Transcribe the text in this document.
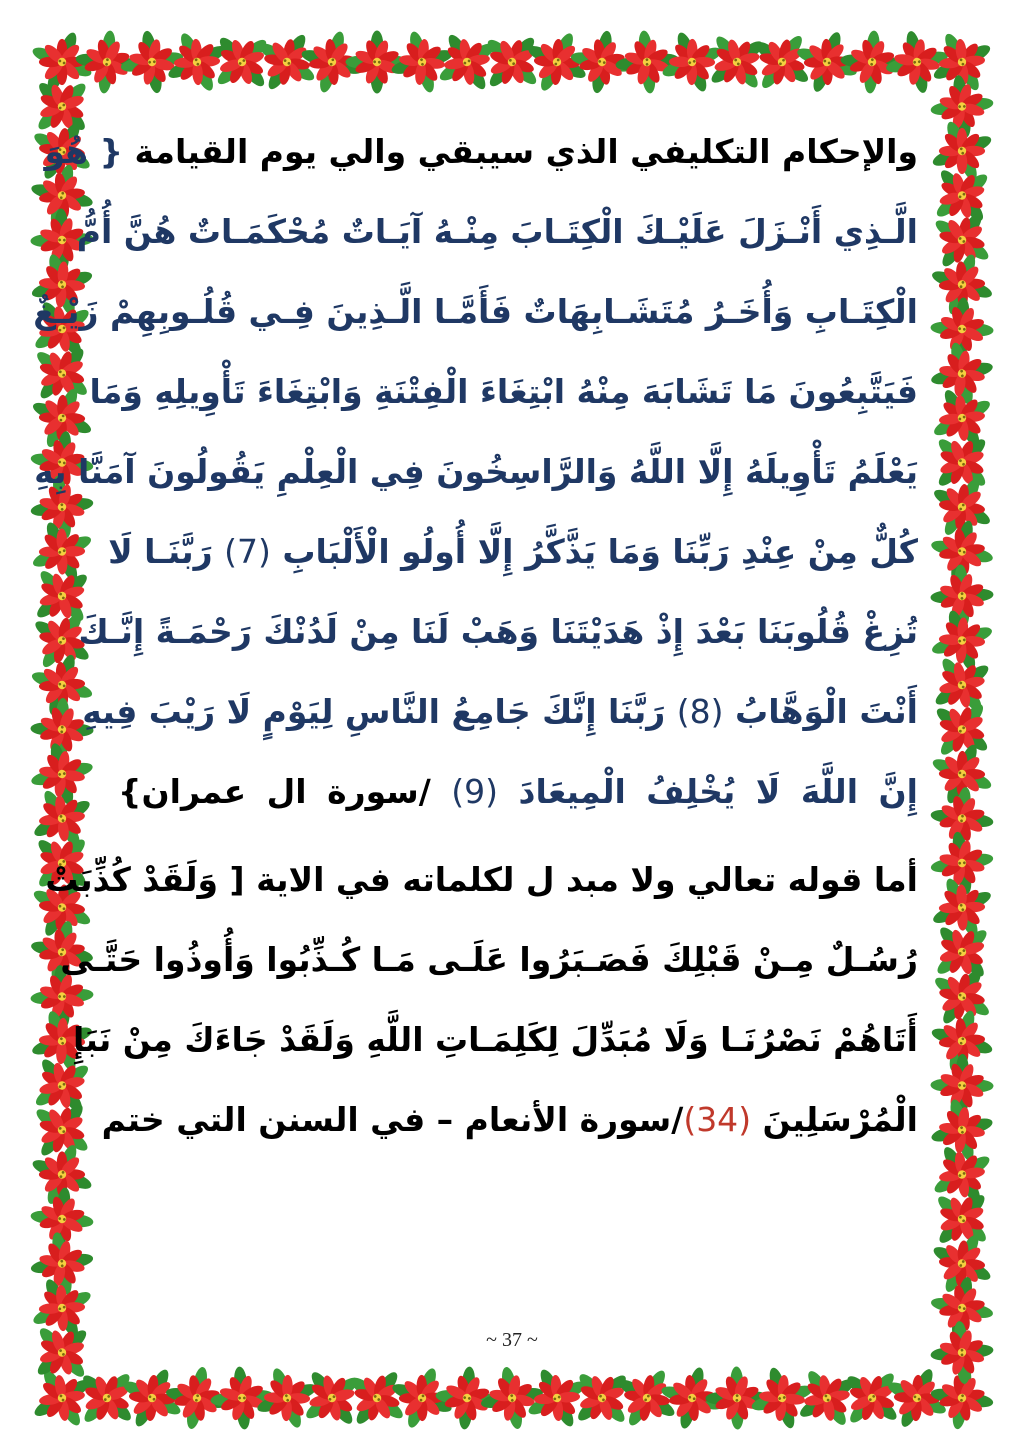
والإحكام التكليفي الذي سيبقي والي يوم القيامة { هُوَ
الَّـذِي أَنْـزَلَ عَلَيْـكَ الْكِتَـابَ مِنْـهُ آيَـاتٌ مُحْكَمَـاتٌ هُنَّ أُمُّ
الْكِتَـابِ وَأُخَـرُ مُتَشَـابِهَاتٌ فَأَمَّـا الَّـذِينَ فِـي قُلُـوبِهِمْ زَيْـغٌ
فَيَتَّبِعُونَ مَا تَشَابَهَ مِنْهُ ابْتِغَاءَ الْفِتْنَةِ وَابْتِغَاءَ تَأْوِيلِهِ وَمَا
يَعْلَمُ تَأْوِيلَهُ إِلَّا اللَّهُ وَالرَّاسِخُونَ فِي الْعِلْمِ يَقُولُونَ آمَنَّا بِهِ
كُلٌّ مِنْ عِنْدِ رَبِّنَا وَمَا يَذَّكَّرُ إِلَّا أُولُو الْأَلْبَابِ (7) رَبَّنَـا لَا
تُزِغْ قُلُوبَنَا بَعْدَ إِذْ هَدَيْتَنَا وَهَبْ لَنَا مِنْ لَدُنْكَ رَحْمَـةً إِنَّـكَ
أَنْتَ الْوَهَّابُ (8) رَبَّنَا إِنَّكَ جَامِعُ النَّاسِ لِيَوْمٍ لَا رَيْبَ فِيهِ
إِنَّ اللَّهَ لَا يُخْلِفُ الْمِيعَادَ (9) /سورة ال عمران}
أما قوله تعالي ولا مبد ل لكلماته في الاية [ وَلَقَدْ كُذِّبَتْ
رُسُـلٌ مِـنْ قَبْلِكَ فَصَـبَرُوا عَلَـى مَـا كُـذِّبُوا وَأُوذُوا حَتَّـى
أَتَاهُمْ نَصْرُنَـا وَلَا مُبَدِّلَ لِكَلِمَـاتِ اللَّهِ وَلَقَدْ جَاءَكَ مِنْ نَبَإِ
الْمُرْسَلِينَ (34)/سورة الأنعام – في السنن التي ختم
~ 37 ~
